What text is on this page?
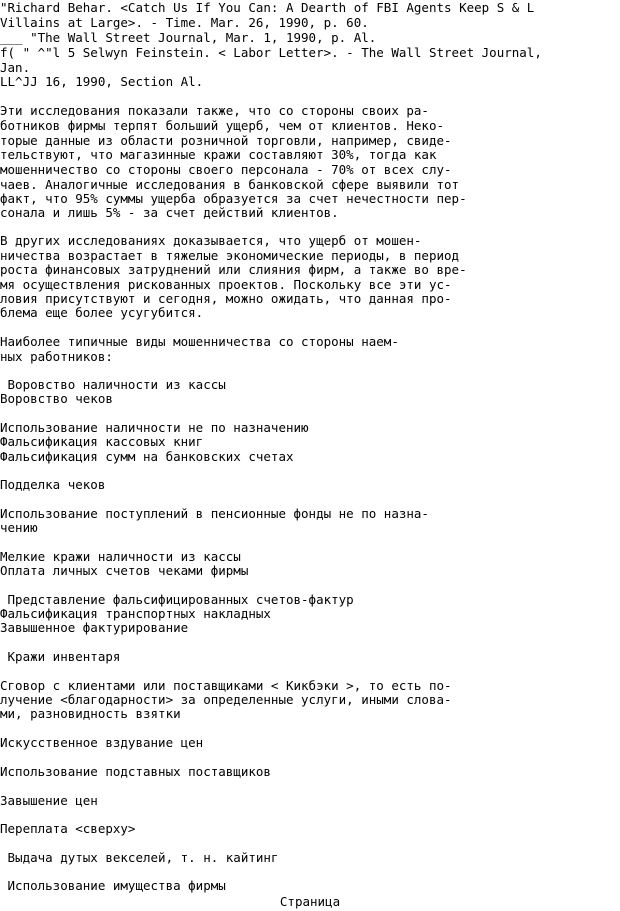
"Richard Behar. <Catch Us If You Can: A Dearth of FBI Agents Keep S & L
Villains at Large>. - Time. Mar. 26, 1990, p. 60.
___ "The Wall Street Journal, Mar. 1, 1990, p. Al.
f( " ^"l 5 Selwyn Feinstein. < Labor Letter>. - The Wall Street Journal,
Jan.
LL^JJ 16, 1990, Section Al.
Эти исследования показали также, что со стороны своих ра-
ботников фирмы терпят больший ущерб, чем от клиентов. Неко-
торые данные из области розничной торговли, например, свиде-
тельствуют, что магазинные кражи составляют 30%, тогда как
мошенничество со стороны своего персонала - 70% от всех слу-
чаев. Аналогичные исследования в банковской сфере выявили тот
факт, что 95% суммы ущерба образуется за счет нечестности пер-
сонала и лишь 5% - за счет действий клиентов.
В других исследованиях доказывается, что ущерб от мошен-
ничества возрастает в тяжелые экономические периоды, в период
роста финансовых затруднений или слияния фирм, а также во вре-
мя осуществления рискованных проектов. Поскольку все эти ус-
ловия присутствуют и сегодня, можно ожидать, что данная про-
блема еще более усугубится.
Наиболее типичные виды мошенничества со стороны наем-
ных работников:
Воровство наличности из кассы
Воровство чеков
Использование наличности не по назначению
Фальсификация кассовых книг
Фальсификация сумм на банковских счетах
Подделка чеков
Использование поступлений в пенсионные фонды не по назна-
чению
Мелкие кражи наличности из кассы
Оплата личных счетов чеками фирмы
Представление фальсифицированных счетов-фактур
Фальсификация транспортных накладных
Завышенное фактурирование
Кражи инвентаря
Сговор с клиентами или поставщиками < Кикбэки >, то есть по-
лучение <благодарности> за определенные услуги, иными слова-
ми, разновидность взятки
Искусственное вздувание цен
Использование подставных поставщиков
Завышение цен
Переплата <сверху>
Выдача дутых векселей, т. н. кайтинг
Использование имущества фирмы
Страница
